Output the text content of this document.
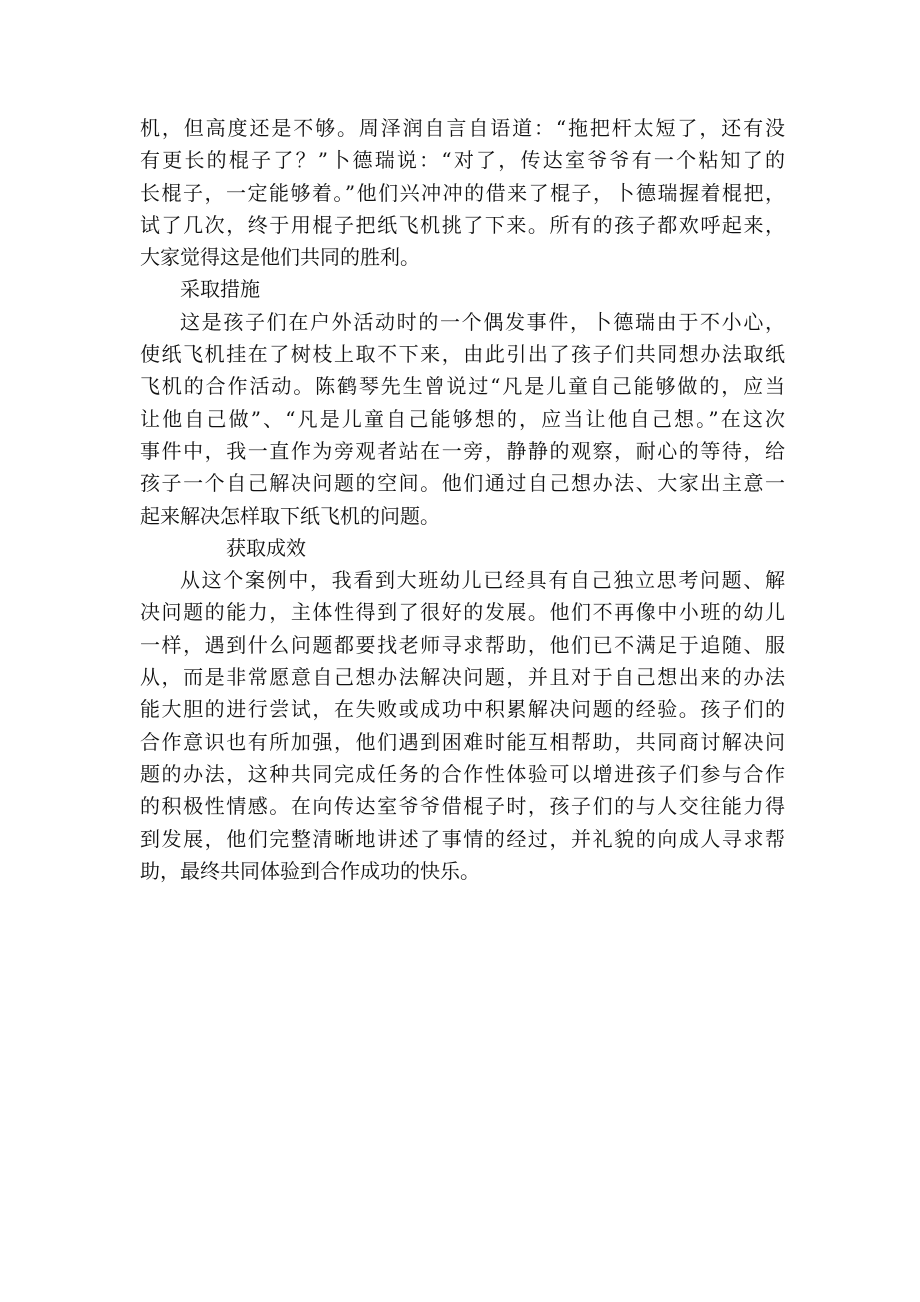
机，但高度还是不够。周泽润自言自语道：“拖把杆太短了，还有没
有更长的棍子了？”卜德瑞说：“对了，传达室爷爷有一个粘知了的
长棍子，一定能够着。”他们兴冲冲的借来了棍子，卜德瑞握着棍把，
试了几次，终于用棍子把纸飞机挑了下来。所有的孩子都欢呼起来，
大家觉得这是他们共同的胜利。
采取措施
这是孩子们在户外活动时的一个偶发事件，卜德瑞由于不小心，
使纸飞机挂在了树枝上取不下来，由此引出了孩子们共同想办法取纸
飞机的合作活动。陈鹤琴先生曾说过“凡是儿童自己能够做的，应当
让他自己做”、“凡是儿童自己能够想的，应当让他自己想。”在这次
事件中，我一直作为旁观者站在一旁，静静的观察，耐心的等待，给
孩子一个自己解决问题的空间。他们通过自己想办法、大家出主意一
起来解决怎样取下纸飞机的问题。
获取成效
从这个案例中，我看到大班幼儿已经具有自己独立思考问题、解
决问题的能力，主体性得到了很好的发展。他们不再像中小班的幼儿
一样，遇到什么问题都要找老师寻求帮助，他们已不满足于追随、服
从，而是非常愿意自己想办法解决问题，并且对于自己想出来的办法
能大胆的进行尝试，在失败或成功中积累解决问题的经验。孩子们的
合作意识也有所加强，他们遇到困难时能互相帮助，共同商讨解决问
题的办法，这种共同完成任务的合作性体验可以增进孩子们参与合作
的积极性情感。在向传达室爷爷借棍子时，孩子们的与人交往能力得
到发展，他们完整清晰地讲述了事情的经过，并礼貌的向成人寻求帮
助，最终共同体验到合作成功的快乐。
